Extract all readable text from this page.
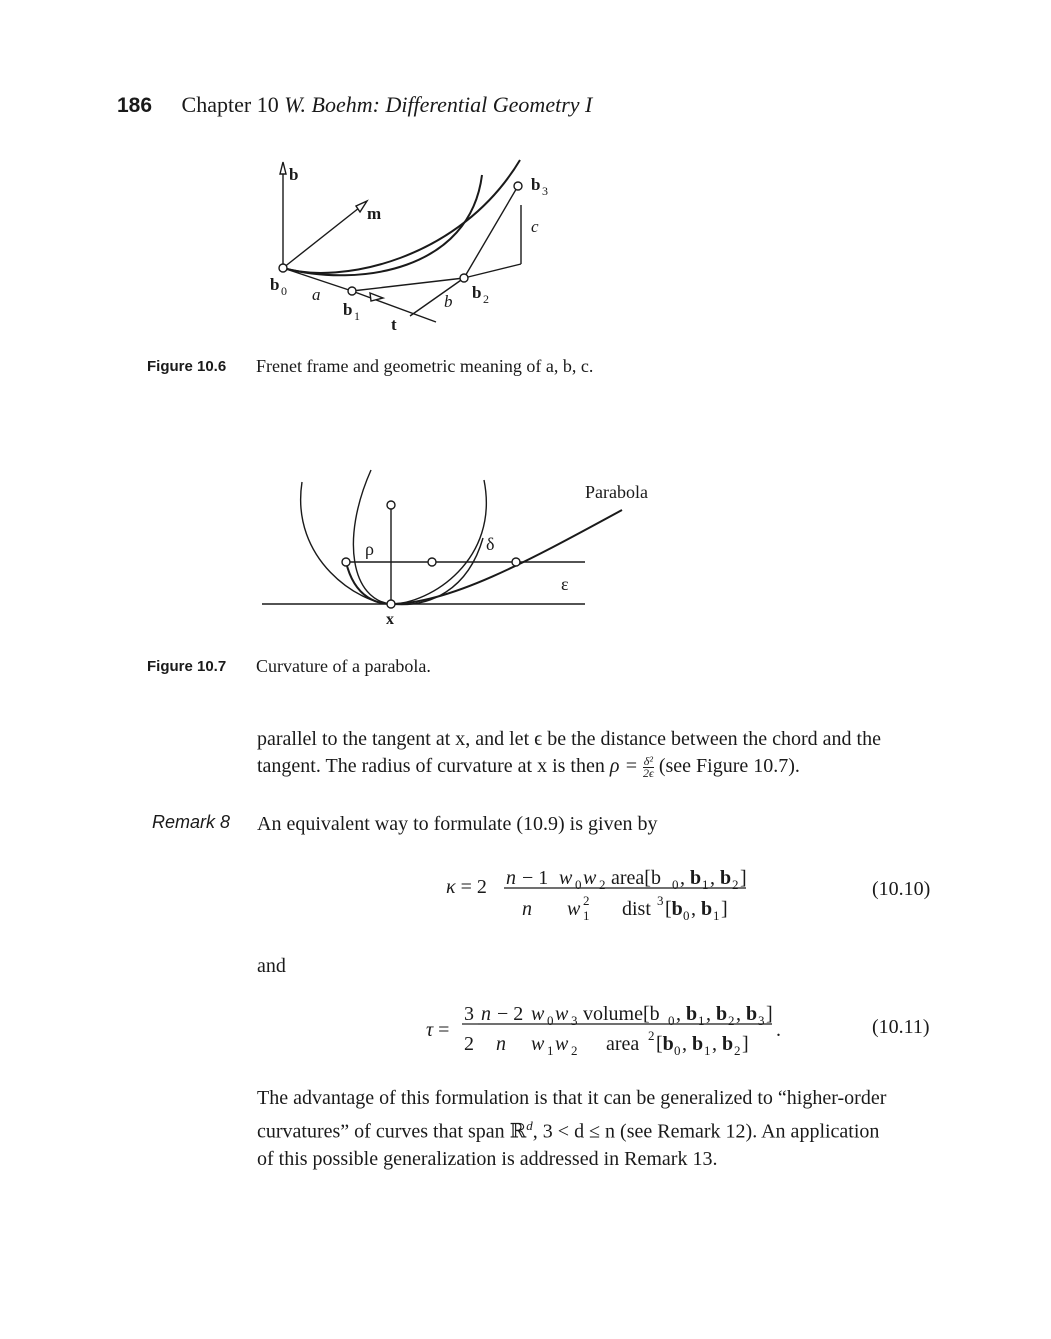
186 Chapter 10 W. Boehm: Differential Geometry I
b
m
b 0 a
b 1 t
b b 2
b 3
c
Figure 10.6 Frenet frame and geometric meaning of a, b, c.
Parabola
ρ	δ
ε
x
Figure 10.7 Curvature of a parabola.
parallel to the tangent at x, and let ϵ be the distance between the chord and the
tangent. The radius of curvature at x is then $\rho = \frac{\text{δ²}}{2\epsilon} (see$ Figure 10.7).
Remark 8 An equivalent way to formulate (10.9) is given by
κ = 2 n − 1
n
w 0 w 2
w 2
1
area[b 0 , b 1 , b 2 ]
dist 3 [b 0 , b 1 ]
(10.10)
and
τ =
3
2
n − 2
n
w 0 w 3
w 1 w 2
volume[b 0 , b 1 , b 2 , b 3 ]
.
area 2 [b 0 , b 1 , b 2 ]
(10.11)
The advantage of this formulation is that it can be generalized to “higher-order
curvatures” of curves that span ℝ$^d$, 3 < d ≤ n (see Remark 12). An application
of this possible generalization is addressed in Remark 13.
